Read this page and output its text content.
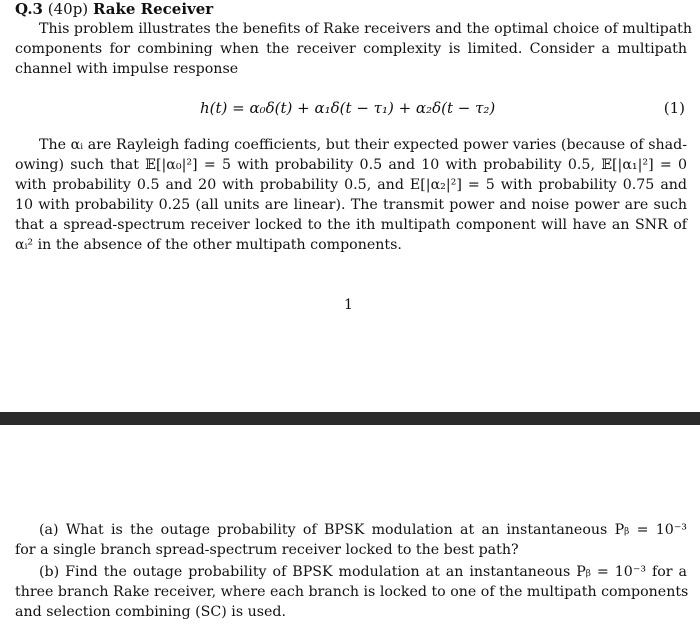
Q.3 (40p) Rake Receiver
This problem illustrates the benefits of Rake receivers and the optimal choice of multipath
components for combining when the receiver complexity is limited. Consider a multipath
channel with impulse response
h(t) = α₀δ(t) + α₁δ(t − τ₁) + α₂δ(t − τ₂)	(1)
The αᵢ are Rayleigh fading coefficients, but their expected power varies (because of shad-
owing) such that 𝔼[|α₀|²] = 5 with probability 0.5 and 10 with probability 0.5, 𝔼[|α₁|²] = 0
with probability 0.5 and 20 with probability 0.5, and E[|α₂|²] = 5 with probability 0.75 and
10 with probability 0.25 (all units are linear). The transmit power and noise power are such
that a spread-spectrum receiver locked to the ith multipath component will have an SNR of
αᵢ² in the absence of the other multipath components.
1
(a) What is the outage probability of BPSK modulation at an instantaneous Pᵦ = 10⁻³
for a single branch spread-spectrum receiver locked to the best path?
(b) Find the outage probability of BPSK modulation at an instantaneous Pᵦ = 10⁻³ for a
three branch Rake receiver, where each branch is locked to one of the multipath components
and selection combining (SC) is used.
